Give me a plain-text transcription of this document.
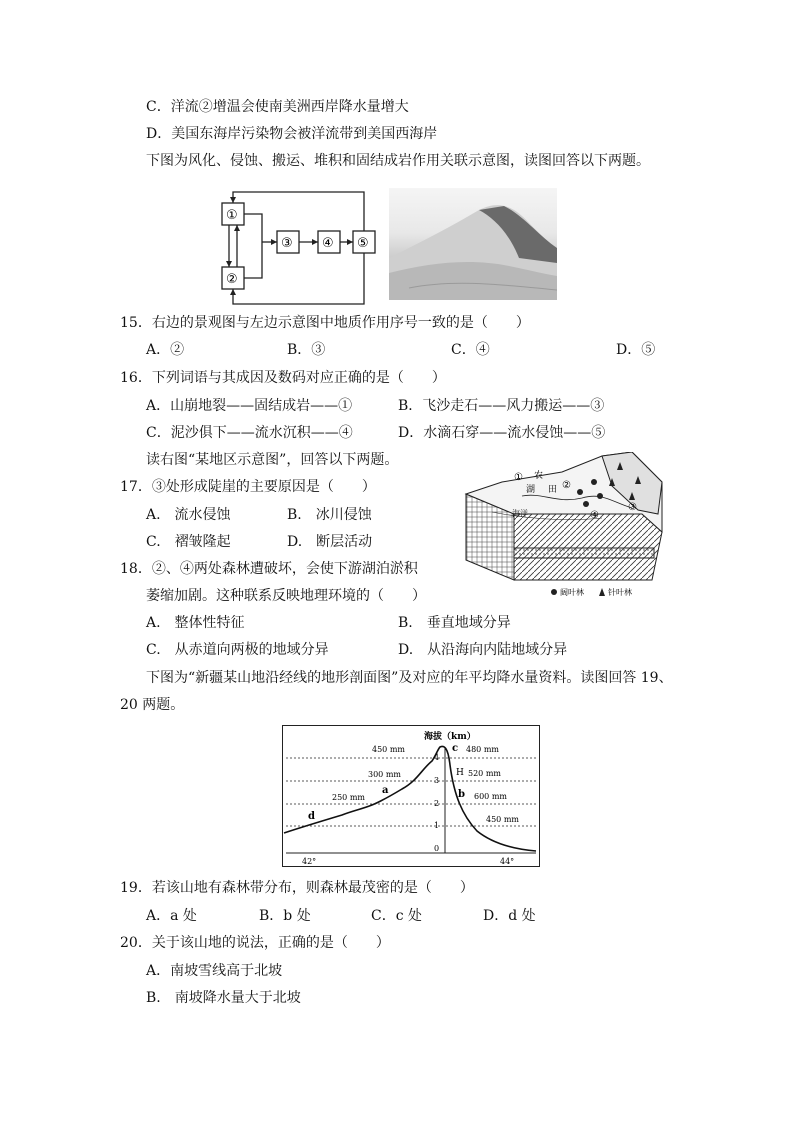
C．洋流②增温会使南美洲西岸降水量增大
D．美国东海岸污染物会被洋流带到美国西海岸
下图为风化、侵蚀、搬运、堆积和固结成岩作用关联示意图，读图回答以下两题。
①
②
③ ④ ⑤
15．右边的景观图与左边示意图中地质作用序号一致的是（　　）
A．②	B．③	C．④	D．⑤
16．下列词语与其成因及数码对应正确的是（　　）
A．山崩地裂——固结成岩——①	B．飞沙走石——风力搬运——③
C．泥沙俱下——流水沉积——④	D．水滴石穿——流水侵蚀——⑤
读右图“某地区示意图”，回答以下两题。
17．③处形成陡崖的主要原因是（　　）
A.　流水侵蚀	B.　冰川侵蚀
C.　褶皱隆起	D.　断层活动
18．②、④两处森林遭破坏，会使下游湖泊淤积
萎缩加剧。这种联系反映地理环境的（　　）
A.　整体性特征	B.　垂直地域分异
C.　从赤道向两极的地域分异	D.　从沿海向内陆地域分异
海洋
①
②
③
④
农
湖 田
阔叶林	针叶林
下图为“新疆某山地沿经线的地形剖面图”及对应的年平均降水量资料。读图回答 19、
20 两题。
海拔（km）
0
1
2
3
4
42°	44°
450 mm
300 mm
250 mm
480 mm
520 mm
600 mm
450 mm
a	b
c
d
H
19．若该山地有森林带分布，则森林最茂密的是（　　）
A．a 处	B．b 处	C．c 处	D．d 处
20．关于该山地的说法，正确的是（　　）
A．南坡雪线高于北坡
B.　南坡降水量大于北坡
